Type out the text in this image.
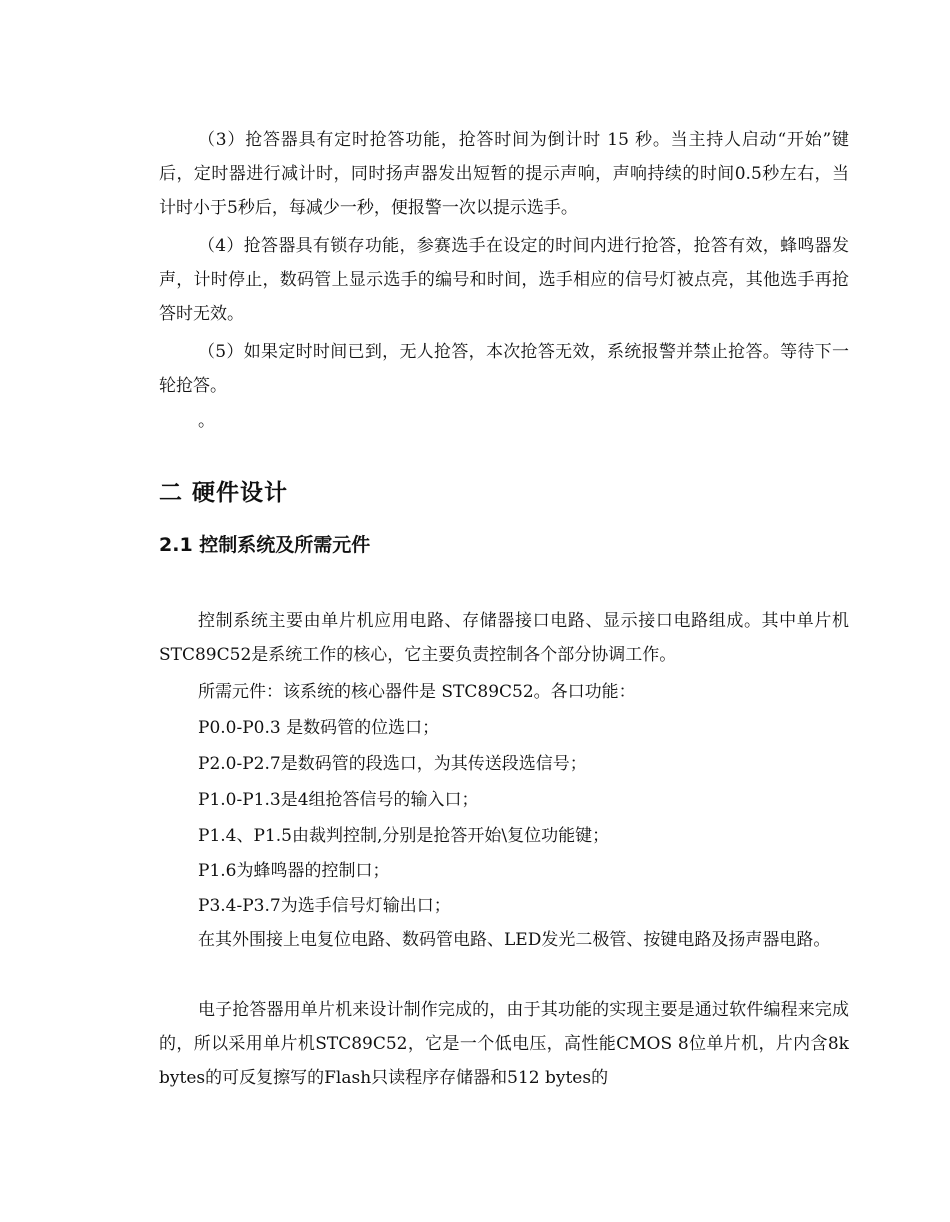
（3）抢答器具有定时抢答功能，抢答时间为倒计时 15 秒。当主持人启动“开始”键后，定时器进行减计时，同时扬声器发出短暂的提示声响，声响持续的时间0.5秒左右，当计时小于5秒后，每减少一秒，便报警一次以提示选手。

（4）抢答器具有锁存功能，参赛选手在设定的时间内进行抢答，抢答有效，蜂鸣器发声，计时停止，数码管上显示选手的编号和时间，选手相应的信号灯被点亮，其他选手再抢答时无效。

（5）如果定时时间已到，无人抢答，本次抢答无效，系统报警并禁止抢答。等待下一轮抢答。

。

二 硬件设计
2.1 控制系统及所需元件

控制系统主要由单片机应用电路、存储器接口电路、显示接口电路组成。其中单片机STC89C52是系统工作的核心，它主要负责控制各个部分协调工作。

所需元件：该系统的核心器件是 STC89C52。各口功能：

P0.0-P0.3 是数码管的位选口；

P2.0-P2.7是数码管的段选口，为其传送段选信号；

P1.0-P1.3是4组抢答信号的输入口；

P1.4、P1.5由裁判控制,分别是抢答开始\复位功能键；

P1.6为蜂鸣器的控制口；

P3.4-P3.7为选手信号灯输出口；

在其外围接上电复位电路、数码管电路、LED发光二极管、按键电路及扬声器电路。

电子抢答器用单片机来设计制作完成的，由于其功能的实现主要是通过软件编程来完成的，所以采用单片机STC89C52，它是一个低电压，高性能CMOS 8位单片机，片内含8k bytes的可反复擦写的Flash只读程序存储器和512 bytes的
